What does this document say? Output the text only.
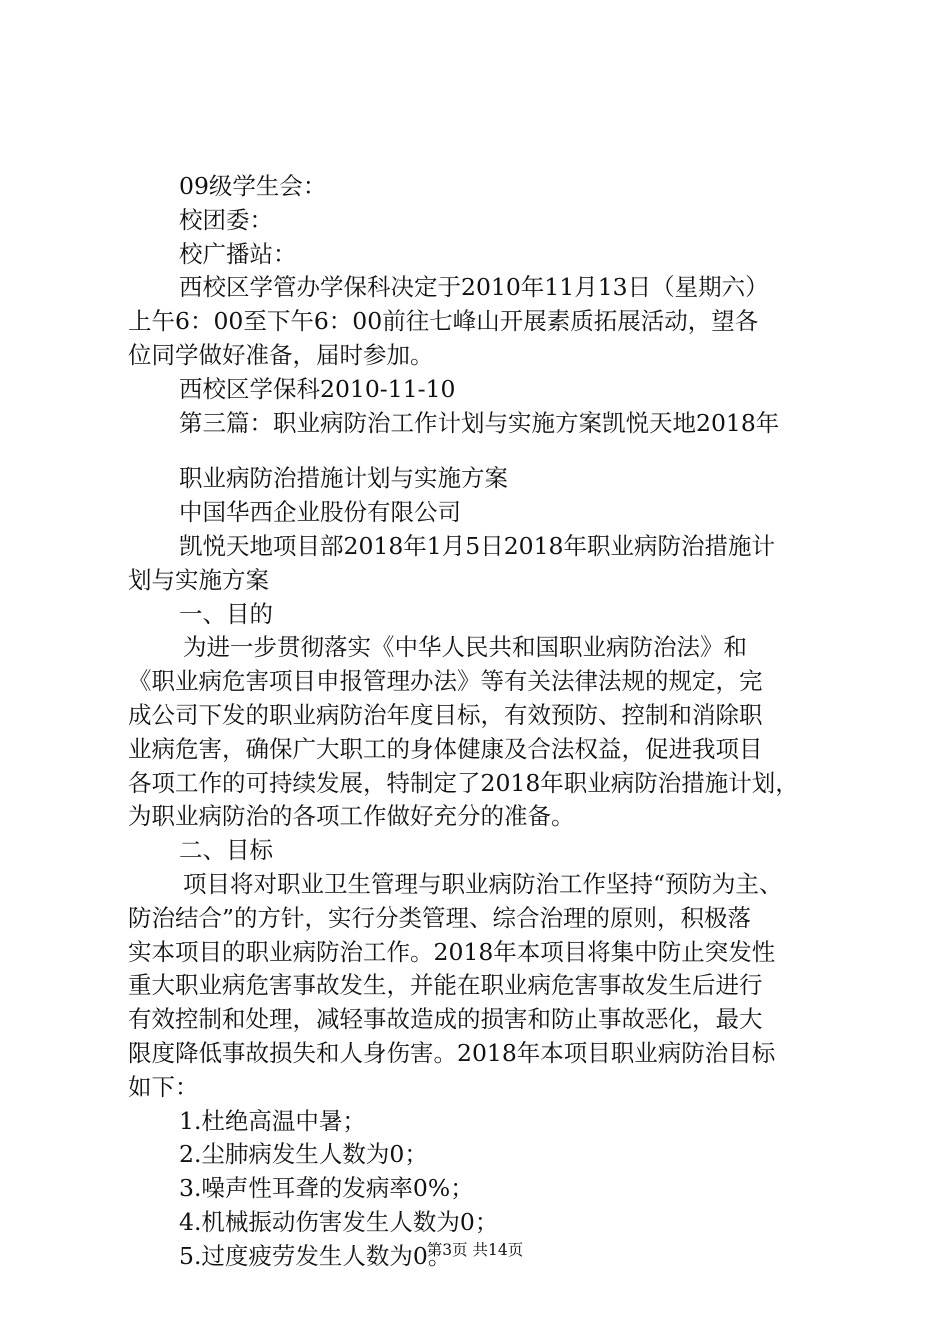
09级学生会：
校团委：
校广播站：
西校区学管办学保科决定于2010年11月13日（星期六）
上午6：00至下午6：00前往七峰山开展素质拓展活动，望各
位同学做好准备，届时参加。
西校区学保科2010-11-10
第三篇：职业病防治工作计划与实施方案凯悦天地2018年
职业病防治措施计划与实施方案
中国华西企业股份有限公司
凯悦天地项目部2018年1月5日2018年职业病防治措施计
划与实施方案
一、目的
为进一步贯彻落实《中华人民共和国职业病防治法》和
《职业病危害项目申报管理办法》等有关法律法规的规定，完
成公司下发的职业病防治年度目标，有效预防、控制和消除职
业病危害，确保广大职工的身体健康及合法权益，促进我项目
各项工作的可持续发展，特制定了2018年职业病防治措施计划，
为职业病防治的各项工作做好充分的准备。
二、目标
项目将对职业卫生管理与职业病防治工作坚持“预防为主、
防治结合”的方针，实行分类管理、综合治理的原则，积极落
实本项目的职业病防治工作。2018年本项目将集中防止突发性
重大职业病危害事故发生，并能在职业病危害事故发生后进行
有效控制和处理，减轻事故造成的损害和防止事故恶化，最大
限度降低事故损失和人身伤害。2018年本项目职业病防治目标
如下：
1.杜绝高温中暑；
2.尘肺病发生人数为0；
3.噪声性耳聋的发病率0%；
4.机械振动伤害发生人数为0；
5.过度疲劳发生人数为0。
第3页 共14页
